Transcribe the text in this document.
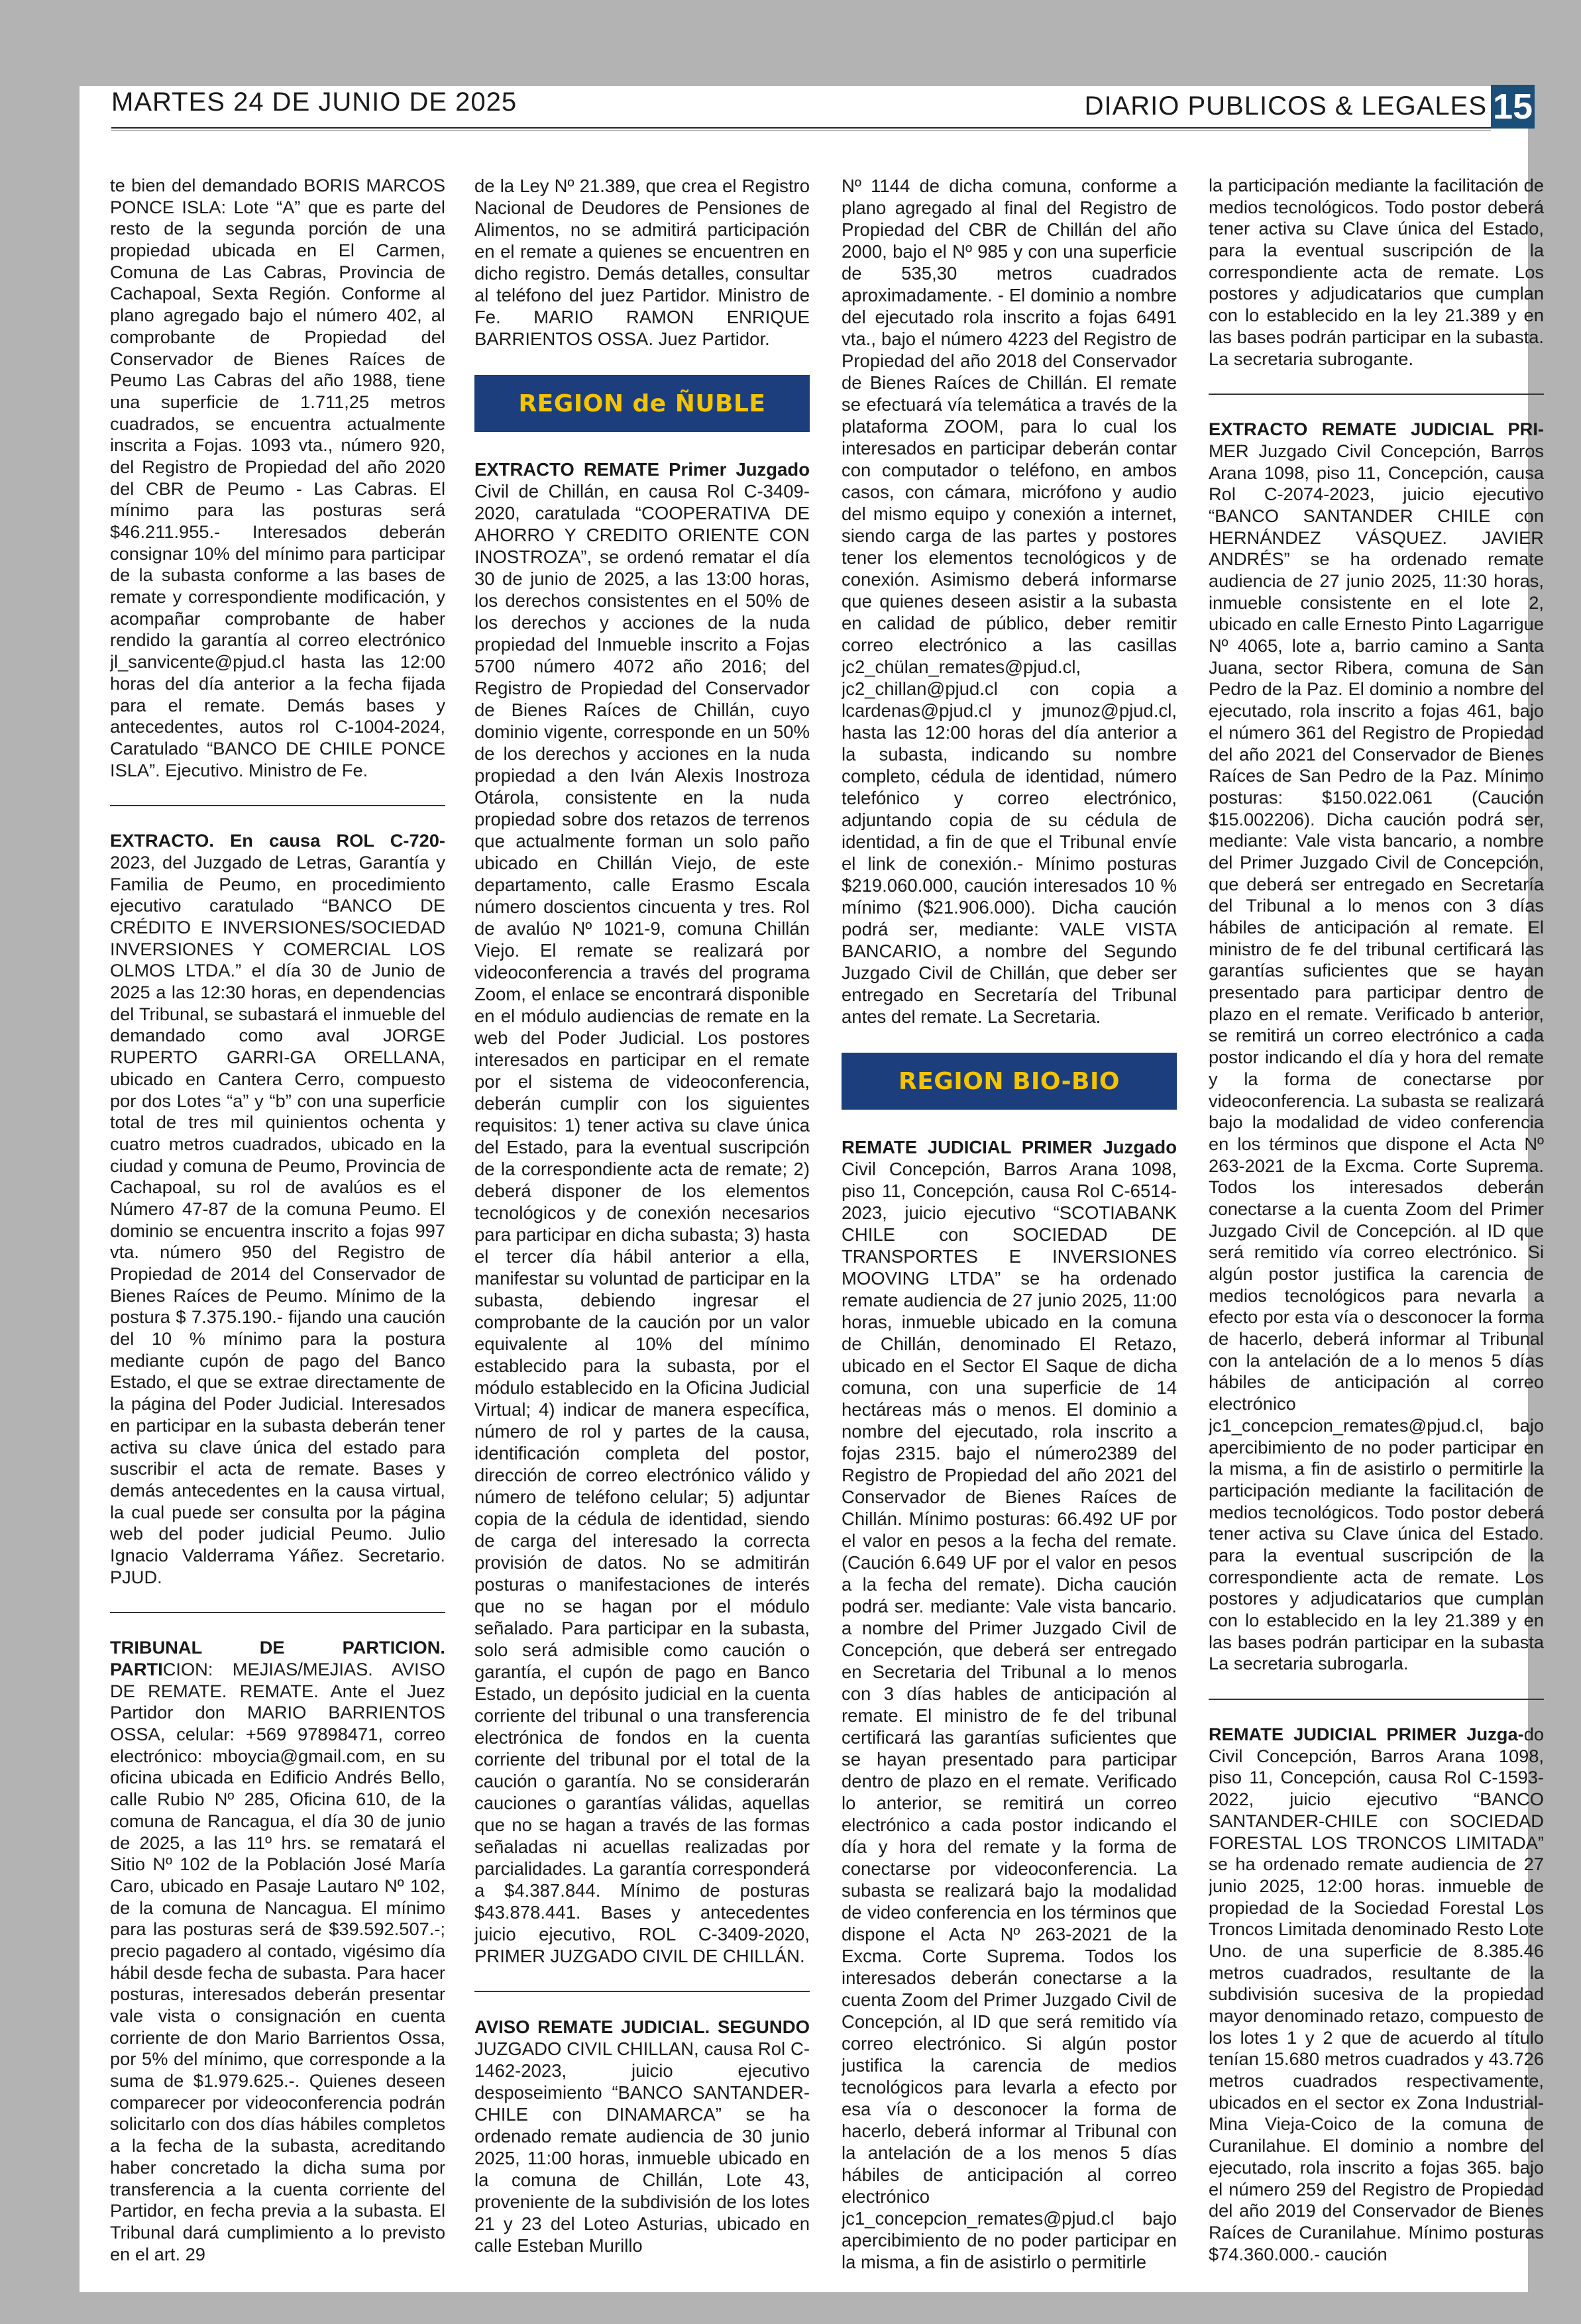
MARTES 24 DE JUNIO DE 2025	DIARIO PUBLICOS & LEGALES 15

te bien del demandado BORIS MARCOS PONCE ISLA: Lote “A” que es parte del resto de la segunda porción de una propiedad ubicada en El Carmen, Comuna de Las Cabras, Provincia de Cachapoal, Sexta Región. Conforme al plano agregado bajo el número 402, al comprobante de Propiedad del Conservador de Bienes Raíces de Peumo Las Cabras del año 1988, tiene una superficie de 1.711,25 metros cuadrados, se encuentra actualmente inscrita a Fojas. 1093 vta., número 920, del Registro de Propiedad del año 2020 del CBR de Peumo - Las Cabras. El mínimo para las posturas será $46.211.955.- Interesados deberán consignar 10% del mínimo para participar de la subasta conforme a las bases de remate y correspondiente modificación, y acompañar comprobante de haber rendido la garantía al correo electrónico jl_sanvicente@pjud.cl hasta las 12:00 horas del día anterior a la fecha fijada para el remate. Demás bases y antecedentes, autos rol C-1004-2024, Caratulado “BANCO DE CHILE PONCE ISLA”. Ejecutivo. Ministro de Fe.

EXTRACTO. En causa ROL C-720-2023, del Juzgado de Letras, Garantía y Familia de Peumo, en procedimiento ejecutivo caratulado “BANCO DE CRÉDITO E INVERSIONES/SOCIEDAD INVERSIONES Y COMERCIAL LOS OLMOS LTDA.” el día 30 de Junio de 2025 a las 12:30 horas, en dependencias del Tribunal, se subastará el inmueble del demandado como aval JORGE RUPERTO GARRI-GA ORELLANA, ubicado en Cantera Cerro, compuesto por dos Lotes “a” y “b” con una superficie total de tres mil quinientos ochenta y cuatro metros cuadrados, ubicado en la ciudad y comuna de Peumo, Provincia de Cachapoal, su rol de avalúos es el Número 47-87 de la comuna Peumo. El dominio se encuentra inscrito a fojas 997 vta. número 950 del Registro de Propiedad de 2014 del Conservador de Bienes Raíces de Peumo. Mínimo de la postura $ 7.375.190.- fijando una caución del 10 % mínimo para la postura mediante cupón de pago del Banco Estado, el que se extrae directamente de la página del Poder Judicial. Interesados en participar en la subasta deberán tener activa su clave única del estado para suscribir el acta de remate. Bases y demás antecedentes en la causa virtual, la cual puede ser consulta por la página web del poder judicial Peumo. Julio Ignacio Valderrama Yáñez. Secretario. PJUD.

TRIBUNAL DE PARTICION. PARTICION: MEJIAS/MEJIAS. AVISO DE REMATE. REMATE. Ante el Juez Partidor don MARIO BARRIENTOS OSSA, celular: +569 97898471, correo electrónico: mboycia@gmail.com, en su oficina ubicada en Edificio Andrés Bello, calle Rubio Nº 285, Oficina 610, de la comuna de Rancagua, el día 30 de junio de 2025, a las 11º hrs. se rematará el Sitio Nº 102 de la Población José María Caro, ubicado en Pasaje Lautaro Nº 102, de la comuna de Nancagua. El mínimo para las posturas será de $39.592.507.-; precio pagadero al contado, vigésimo día hábil desde fecha de subasta. Para hacer posturas, interesados deberán presentar vale vista o consignación en cuenta corriente de don Mario Barrientos Ossa, por 5% del mínimo, que corresponde a la suma de $1.979.625.-. Quienes deseen comparecer por videoconferencia podrán solicitarlo con dos días hábiles completos a la fecha de la subasta, acreditando haber concretado la dicha suma por transferencia a la cuenta corriente del Partidor, en fecha previa a la subasta. El Tribunal dará cumplimiento a lo previsto en el art. 29

de la Ley Nº 21.389, que crea el Registro Nacional de Deudores de Pensiones de Alimentos, no se admitirá participación en el remate a quienes se encuentren en dicho registro. Demás detalles, consultar al teléfono del juez Partidor. Ministro de Fe. MARIO RAMON ENRIQUE BARRIENTOS OSSA. Juez Partidor.

REGION de ÑUBLE

EXTRACTO REMATE Primer Juzgado Civil de Chillán, en causa Rol C-3409-2020, caratulada “COOPERATIVA DE AHORRO Y CREDITO ORIENTE CON INOSTROZA”, se ordenó rematar el día 30 de junio de 2025, a las 13:00 horas, los derechos consistentes en el 50% de los derechos y acciones de la nuda propiedad del Inmueble inscrito a Fojas 5700 número 4072 año 2016; del Registro de Propiedad del Conservador de Bienes Raíces de Chillán, cuyo dominio vigente, corresponde en un 50% de los derechos y acciones en la nuda propiedad a den Iván Alexis Inostroza Otárola, consistente en la nuda propiedad sobre dos retazos de terrenos que actualmente forman un solo paño ubicado en Chillán Viejo, de este departamento, calle Erasmo Escala número doscientos cincuenta y tres. Rol de avalúo Nº 1021-9, comuna Chillán Viejo. El remate se realizará por videoconferencia a través del programa Zoom, el enlace se encontrará disponible en el módulo audiencias de remate en la web del Poder Judicial. Los postores interesados en participar en el remate por el sistema de videoconferencia, deberán cumplir con los siguientes requisitos: 1) tener activa su clave única del Estado, para la eventual suscripción de la correspondiente acta de remate; 2) deberá disponer de los elementos tecnológicos y de conexión necesarios para participar en dicha subasta; 3) hasta el tercer día hábil anterior a ella, manifestar su voluntad de participar en la subasta, debiendo ingresar el comprobante de la caución por un valor equivalente al 10% del mínimo establecido para la subasta, por el módulo establecido en la Oficina Judicial Virtual; 4) indicar de manera específica, número de rol y partes de la causa, identificación completa del postor, dirección de correo electrónico válido y número de teléfono celular; 5) adjuntar copia de la cédula de identidad, siendo de carga del interesado la correcta provisión de datos. No se admitirán posturas o manifestaciones de interés que no se hagan por el módulo señalado. Para participar en la subasta, solo será admisible como caución o garantía, el cupón de pago en Banco Estado, un depósito judicial en la cuenta corriente del tribunal o una transferencia electrónica de fondos en la cuenta corriente del tribunal por el total de la caución o garantía. No se considerarán cauciones o garantías válidas, aquellas que no se hagan a través de las formas señaladas ni acuellas realizadas por parcialidades. La garantía corresponderá a $4.387.844. Mínimo de posturas $43.878.441. Bases y antecedentes juicio ejecutivo, ROL C-3409-2020, PRIMER JUZGADO CIVIL DE CHILLÁN.

AVISO REMATE JUDICIAL. SEGUNDO JUZGADO CIVIL CHILLAN, causa Rol C-1462-2023, juicio ejecutivo desposeimiento “BANCO SANTANDER-CHILE con DINAMARCA” se ha ordenado remate audiencia de 30 junio 2025, 11:00 horas, inmueble ubicado en la comuna de Chillán, Lote 43, proveniente de la subdivisión de los lotes 21 y 23 del Loteo Asturias, ubicado en calle Esteban Murillo

Nº 1144 de dicha comuna, conforme a plano agregado al final del Registro de Propiedad del CBR de Chillán del año 2000, bajo el Nº 985 y con una superficie de 535,30 metros cuadrados aproximadamente. - El dominio a nombre del ejecutado rola inscrito a fojas 6491 vta., bajo el número 4223 del Registro de Propiedad del año 2018 del Conservador de Bienes Raíces de Chillán. El remate se efectuará vía telemática a través de la plataforma ZOOM, para lo cual los interesados en participar deberán contar con computador o teléfono, en ambos casos, con cámara, micrófono y audio del mismo equipo y conexión a internet, siendo carga de las partes y postores tener los elementos tecnológicos y de conexión. Asimismo deberá informarse que quienes deseen asistir a la subasta en calidad de público, deber remitir correo electrónico a las casillas jc2_chülan_remates@pjud.cl, jc2_chillan@pjud.cl con copia a lcardenas@pjud.cl y jmunoz@pjud.cl, hasta las 12:00 horas del día anterior a la subasta, indicando su nombre completo, cédula de identidad, número telefónico y correo electrónico, adjuntando copia de su cédula de identidad, a fin de que el Tribunal envíe el link de conexión.- Mínimo posturas $219.060.000, caución interesados 10 % mínimo ($21.906.000). Dicha caución podrá ser, mediante: VALE VISTA BANCARIO, a nombre del Segundo Juzgado Civil de Chillán, que deber ser entregado en Secretaría del Tribunal antes del remate. La Secretaria.

REGION BIO-BIO

REMATE JUDICIAL PRIMER Juzgado Civil Concepción, Barros Arana 1098, piso 11, Concepción, causa Rol C-6514-2023, juicio ejecutivo “SCOTIABANK CHILE con SOCIEDAD DE TRANSPORTES E INVERSIONES MOOVING LTDA” se ha ordenado remate audiencia de 27 junio 2025, 11:00 horas, inmueble ubicado en la comuna de Chillán, denominado El Retazo, ubicado en el Sector El Saque de dicha comuna, con una superficie de 14 hectáreas más o menos. El dominio a nombre del ejecutado, rola inscrito a fojas 2315. bajo el número2389 del Registro de Propiedad del año 2021 del Conservador de Bienes Raíces de Chillán. Mínimo posturas: 66.492 UF por el valor en pesos a la fecha del remate. (Caución 6.649 UF por el valor en pesos a la fecha del remate). Dicha caución podrá ser. mediante: Vale vista bancario. a nombre del Primer Juzgado Civil de Concepción, que deberá ser entregado en Secretaria del Tribunal a lo menos con 3 días hables de anticipación al remate. El ministro de fe del tribunal certificará las garantías suficientes que se hayan presentado para participar dentro de plazo en el remate. Verificado lo anterior, se remitirá un correo electrónico a cada postor indicando el día y hora del remate y la forma de conectarse por videoconferencia. La subasta se realizará bajo la modalidad de video conferencia en los términos que dispone el Acta Nº 263-2021 de la Excma. Corte Suprema. Todos los interesados deberán conectarse a la cuenta Zoom del Primer Juzgado Civil de Concepción, al ID que será remitido vía correo electrónico. Si algún postor justifica la carencia de medios tecnológicos para levarla a efecto por esa vía o desconocer la forma de hacerlo, deberá informar al Tribunal con la antelación de a los menos 5 días hábiles de anticipación al correo electrónico jc1_concepcion_remates@pjud.cl bajo apercibimiento de no poder participar en la misma, a fin de asistirlo o permitirle

la participación mediante la facilitación de medios tecnológicos. Todo postor deberá tener activa su Clave única del Estado, para la eventual suscripción de la correspondiente acta de remate. Los postores y adjudicatarios que cumplan con lo establecido en la ley 21.389 y en las bases podrán participar en la subasta. La secretaria subrogante.

EXTRACTO REMATE JUDICIAL PRI-MER Juzgado Civil Concepción, Barros Arana 1098, piso 11, Concepción, causa Rol C-2074-2023, juicio ejecutivo “BANCO SANTANDER CHILE con HERNÁNDEZ VÁSQUEZ. JAVIER ANDRÉS” se ha ordenado remate audiencia de 27 junio 2025, 11:30 horas, inmueble consistente en el lote 2, ubicado en calle Ernesto Pinto Lagarrigue Nº 4065, lote a, barrio camino a Santa Juana, sector Ribera, comuna de San Pedro de la Paz. El dominio a nombre del ejecutado, rola inscrito a fojas 461, bajo el número 361 del Registro de Propiedad del año 2021 del Conservador de Bienes Raíces de San Pedro de la Paz. Mínimo posturas: $150.022.061 (Caución $15.002206). Dicha caución podrá ser, mediante: Vale vista bancario, a nombre del Primer Juzgado Civil de Concepción, que deberá ser entregado en Secretaría del Tribunal a lo menos con 3 días hábiles de anticipación al remate. El ministro de fe del tribunal certificará las garantías suficientes que se hayan presentado para participar dentro de plazo en el remate. Verificado b anterior, se remitirá un correo electrónico a cada postor indicando el día y hora del remate y la forma de conectarse por videoconferencia. La subasta se realizará bajo la modalidad de video conferencia en los términos que dispone el Acta Nº 263-2021 de la Excma. Corte Suprema. Todos los interesados deberán conectarse a la cuenta Zoom del Primer Juzgado Civil de Concepción. al ID que será remitido vía correo electrónico. Si algún postor justifica la carencia de medios tecnológicos para nevarla a efecto por esta vía o desconocer la forma de hacerlo, deberá informar al Tribunal con la antelación de a lo menos 5 días hábiles de anticipación al correo electrónico jc1_concepcion_remates@pjud.cl, bajo apercibimiento de no poder participar en la misma, a fin de asistirlo o permitirle la participación mediante la facilitación de medios tecnológicos. Todo postor deberá tener activa su Clave única del Estado. para la eventual suscripción de la correspondiente acta de remate. Los postores y adjudicatarios que cumplan con lo establecido en la ley 21.389 y en las bases podrán participar en la subasta La secretaria subrogarla.

REMATE JUDICIAL PRIMER Juzga-do Civil Concepción, Barros Arana 1098, piso 11, Concepción, causa Rol C-1593-2022, juicio ejecutivo “BANCO SANTANDER-CHILE con SOCIEDAD FORESTAL LOS TRONCOS LIMITADA” se ha ordenado remate audiencia de 27 junio 2025, 12:00 horas. inmueble de propiedad de la Sociedad Forestal Los Troncos Limitada denominado Resto Lote Uno. de una superficie de 8.385.46 metros cuadrados, resultante de la subdivisión sucesiva de la propiedad mayor denominado retazo, compuesto de los lotes 1 y 2 que de acuerdo al título tenían 15.680 metros cuadrados y 43.726 metros cuadrados respectivamente, ubicados en el sector ex Zona Industrial-Mina Vieja-Coico de la comuna de Curanilahue. El dominio a nombre del ejecutado, rola inscrito a fojas 365. bajo el número 259 del Registro de Propiedad del año 2019 del Conservador de Bienes Raíces de Curanilahue. Mínimo posturas $74.360.000.- caución
